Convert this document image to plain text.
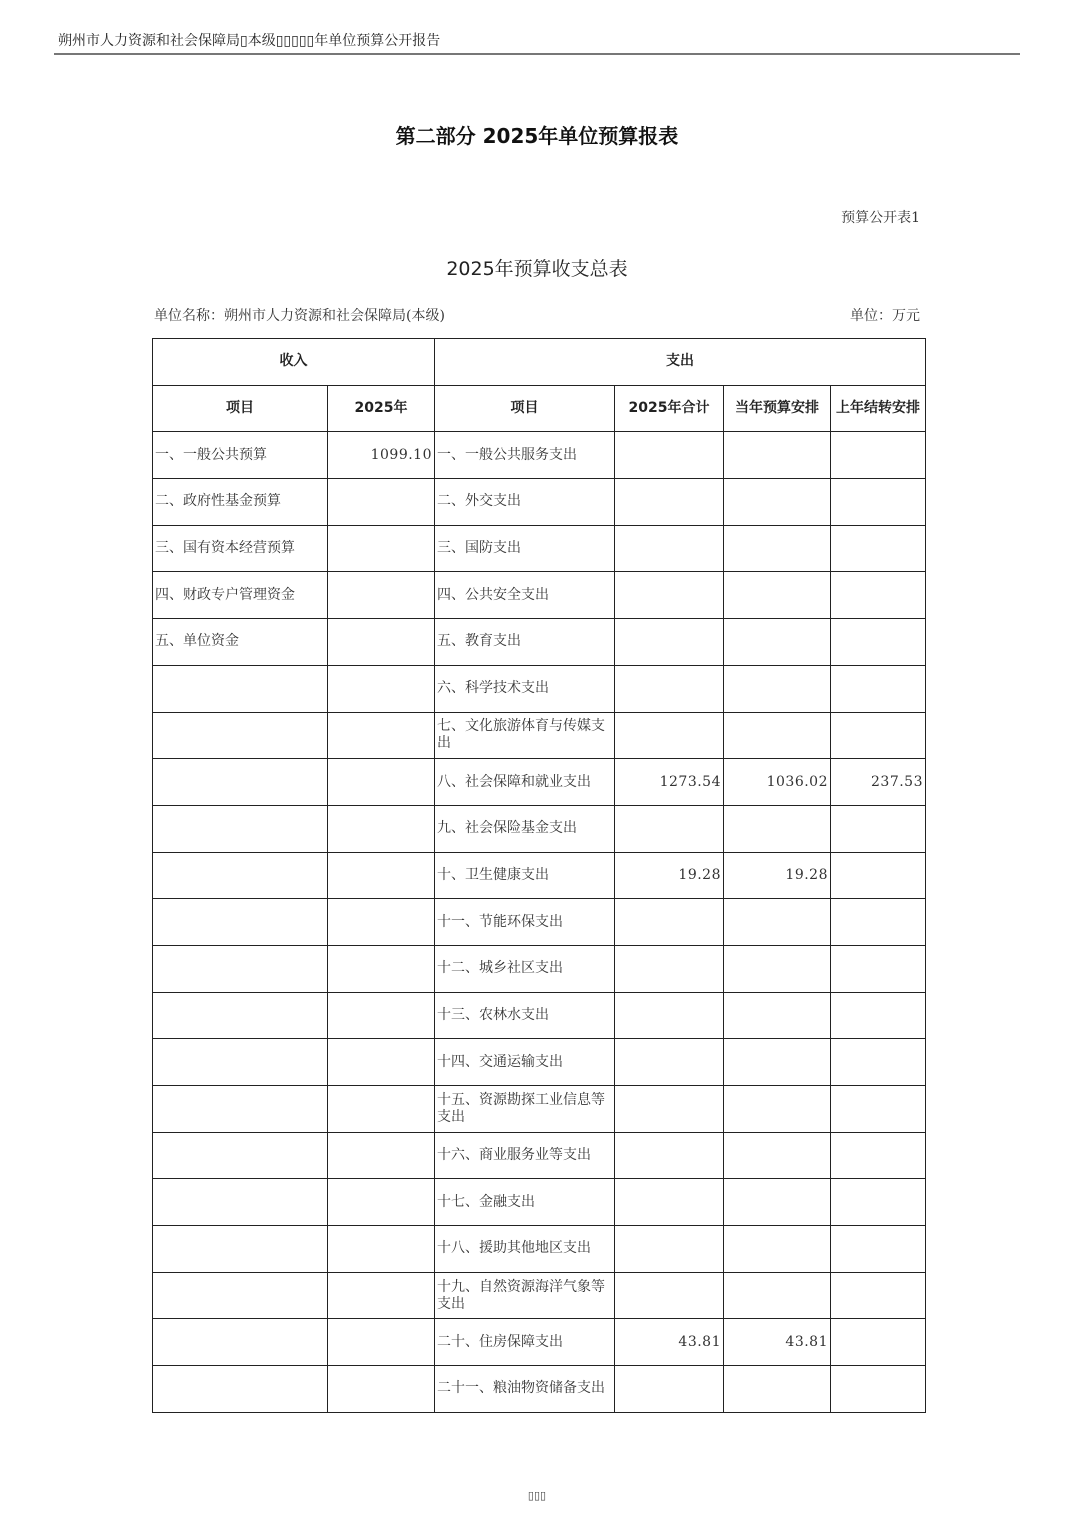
朔州市人力资源和社会保障局▯本级▯▯▯▯▯年单位预算公开报告
第二部分 2025年单位预算报表
预算公开表1
2025年预算收支总表
单位名称：朔州市人力资源和社会保障局(本级)	单位：万元
收入		支出			
项目	2025年	项目	2025年合计	当年预算安排	上年结转安排
一、一般公共预算	1099.10	一、一般公共服务支出			
二、政府性基金预算		二、外交支出			
三、国有资本经营预算		三、国防支出			
四、财政专户管理资金		四、公共安全支出			
五、单位资金		五、教育支出			
		六、科学技术支出			
		七、文化旅游体育与传媒支出			
		八、社会保障和就业支出	1273.54	1036.02	237.53
		九、社会保险基金支出			
		十、卫生健康支出	19.28	19.28	
		十一、节能环保支出			
		十二、城乡社区支出			
		十三、农林水支出			
		十四、交通运输支出			
		十五、资源勘探工业信息等支出			
		十六、商业服务业等支出			
		十七、金融支出			
		十八、援助其他地区支出			
		十九、自然资源海洋气象等支出			
		二十、住房保障支出	43.81	43.81	
		二十一、粮油物资储备支出			
▯▯▯
